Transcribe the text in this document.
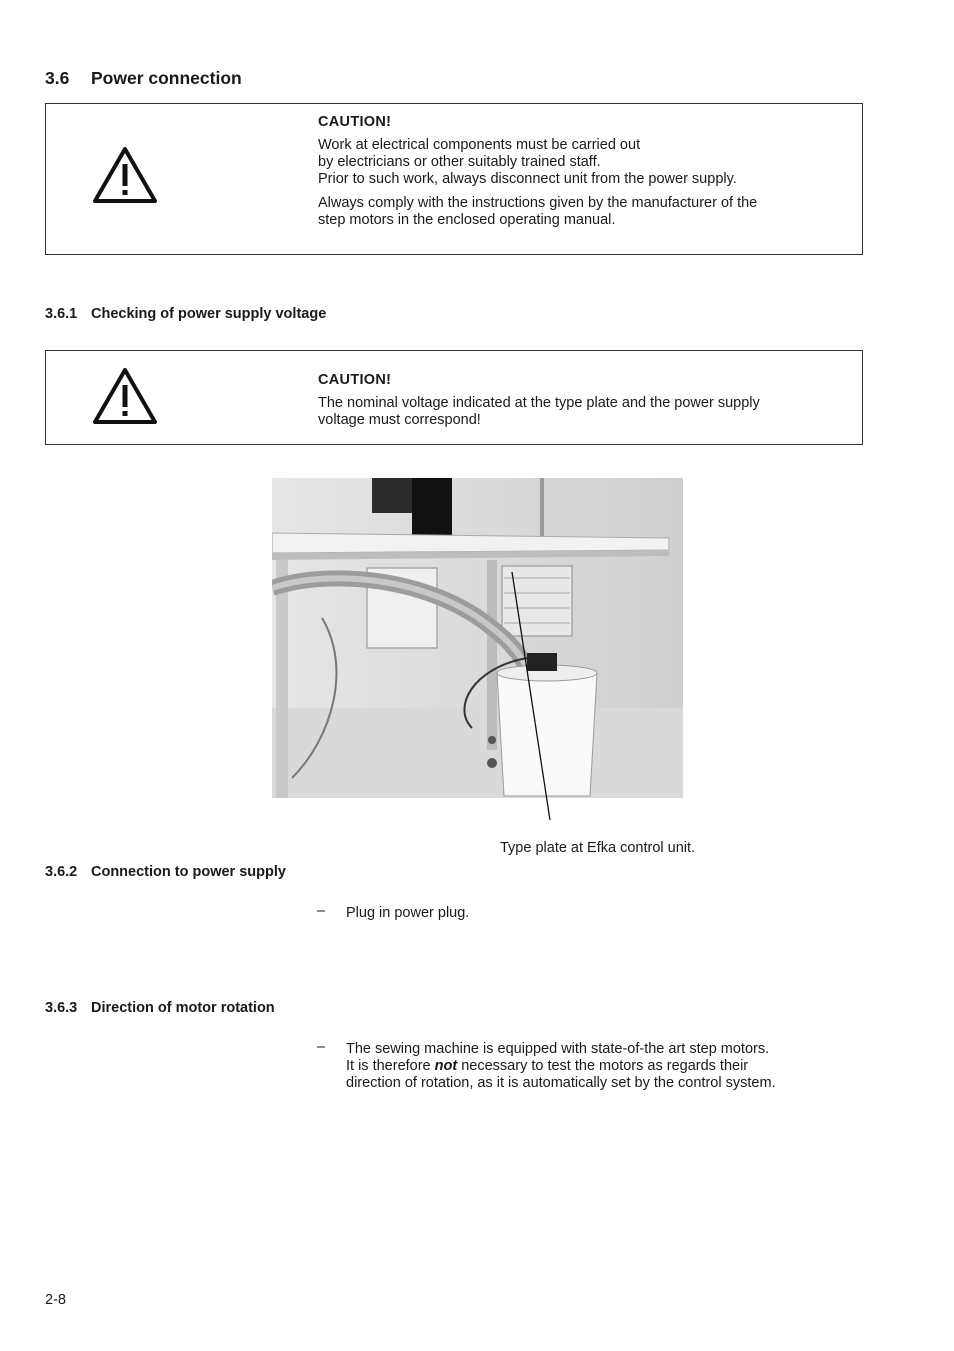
3.6 Power connection
CAUTION!
Work at electrical components must be carried out
by electricians or other suitably trained staff.
Prior to such work, always disconnect unit from the power supply.
Always comply with the instructions given by the manufacturer of the
step motors in the enclosed operating manual.
3.6.1 Checking of power supply voltage
CAUTION!
The nominal voltage indicated at the type plate and the power supply
voltage must correspond!
Type plate at Efka control unit.
3.6.2 Connection to power supply
– Plug in power plug.
3.6.3 Direction of motor rotation
– The sewing machine is equipped with state-of-the art step motors.
It is therefore not necessary to test the motors as regards their
direction of rotation, as it is automatically set by the control system.
2-8
